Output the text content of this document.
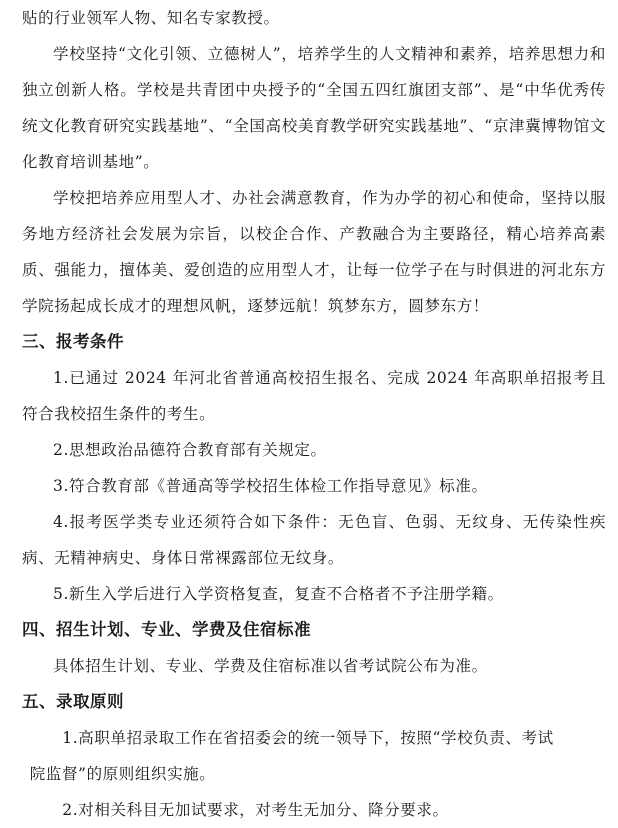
贴的行业领军人物、知名专家教授。

学校坚持“文化引领、立德树人”，培养学生的人文精神和素养，培养思想力和独立创新人格。学校是共青团中央授予的“全国五四红旗团支部”、是“中华优秀传统文化教育研究实践基地”、“全国高校美育教学研究实践基地”、“京津冀博物馆文化教育培训基地”。

学校把培养应用型人才、办社会满意教育，作为办学的初心和使命，坚持以服务地方经济社会发展为宗旨，以校企合作、产教融合为主要路径，精心培养高素质、强能力，擅体美、爱创造的应用型人才，让每一位学子在与时俱进的河北东方学院扬起成长成才的理想风帆，逐梦远航！筑梦东方，圆梦东方！

三、报考条件

1.已通过 2024 年河北省普通高校招生报名、完成 2024 年高职单招报考且符合我校招生条件的考生。

2.思想政治品德符合教育部有关规定。

3.符合教育部《普通高等学校招生体检工作指导意见》标准。

4.报考医学类专业还须符合如下条件：无色盲、色弱、无纹身、无传染性疾病、无精神病史、身体日常裸露部位无纹身。

5.新生入学后进行入学资格复查，复查不合格者不予注册学籍。

四、招生计划、专业、学费及住宿标准

具体招生计划、专业、学费及住宿标准以省考试院公布为准。

五、录取原则

1.高职单招录取工作在省招委会的统一领导下，按照“学校负责、考试

院监督”的原则组织实施。

2.对相关科目无加试要求，对考生无加分、降分要求。
